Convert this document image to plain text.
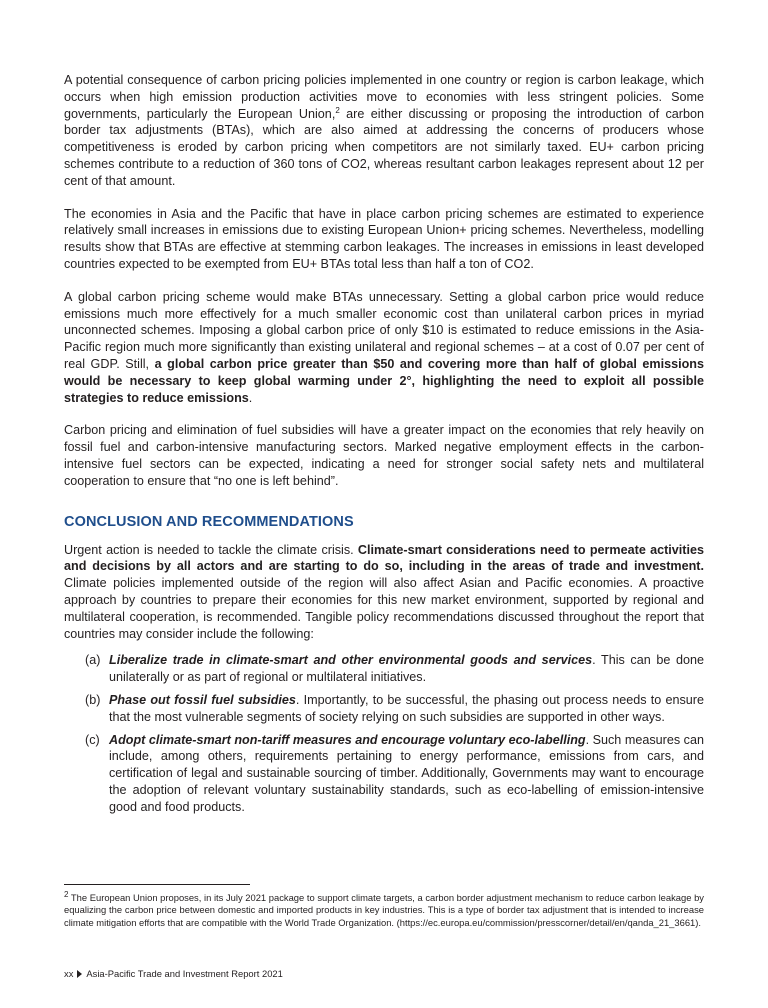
A potential consequence of carbon pricing policies implemented in one country or region is carbon leakage, which occurs when high emission production activities move to economies with less stringent policies. Some governments, particularly the European Union,$^2$ are either discussing or proposing the introduction of carbon border tax adjustments (BTAs), which are also aimed at addressing the concerns of producers whose competitiveness is eroded by carbon pricing when competitors are not similarly taxed. EU+ carbon pricing schemes contribute to a reduction of 360 tons of CO2, whereas resultant carbon leakages represent about 12 per cent of that amount.

The economies in Asia and the Pacific that have in place carbon pricing schemes are estimated to experience relatively small increases in emissions due to existing European Union+ pricing schemes. Nevertheless, modelling results show that BTAs are effective at stemming carbon leakages. The increases in emissions in least developed countries expected to be exempted from EU+ BTAs total less than half a ton of CO2.

A global carbon pricing scheme would make BTAs unnecessary. Setting a global carbon price would reduce emissions much more effectively for a much smaller economic cost than unilateral carbon prices in myriad unconnected schemes. Imposing a global carbon price of only $10 is estimated to reduce emissions in the Asia-Pacific region much more significantly than existing unilateral and regional schemes – at a cost of 0.07 per cent of real GDP. Still, a global carbon price greater than $50 and covering more than half of global emissions would be necessary to keep global warming under 2°, highlighting the need to exploit all possible strategies to reduce emissions.

Carbon pricing and elimination of fuel subsidies will have a greater impact on the economies that rely heavily on fossil fuel and carbon-intensive manufacturing sectors. Marked negative employment effects in the carbon-intensive fuel sectors can be expected, indicating a need for stronger social safety nets and multilateral cooperation to ensure that “no one is left behind”.

CONCLUSION AND RECOMMENDATIONS

Urgent action is needed to tackle the climate crisis. Climate-smart considerations need to permeate activities and decisions by all actors and are starting to do so, including in the areas of trade and investment. Climate policies implemented outside of the region will also affect Asian and Pacific economies. A proactive approach by countries to prepare their economies for this new market environment, supported by regional and multilateral cooperation, is recommended. Tangible policy recommendations discussed throughout the report that countries may consider include the following:

(a) Liberalize trade in climate-smart and other environmental goods and services. This can be done unilaterally or as part of regional or multilateral initiatives.
(b) Phase out fossil fuel subsidies. Importantly, to be successful, the phasing out process needs to ensure that the most vulnerable segments of society relying on such subsidies are supported in other ways.
(c) Adopt climate-smart non-tariff measures and encourage voluntary eco-labelling. Such measures can include, among others, requirements pertaining to energy performance, emissions from cars, and certification of legal and sustainable sourcing of timber. Additionally, Governments may want to encourage the adoption of relevant voluntary sustainability standards, such as eco-labelling of emission-intensive good and food products.
$^2$ The European Union proposes, in its July 2021 package to support climate targets, a carbon border adjustment mechanism to reduce carbon leakage by equalizing the carbon price between domestic and imported products in key industries. This is a type of border tax adjustment that is intended to increase climate mitigation efforts that are compatible with the World Trade Organization. (https://ec.europa.eu/commission/presscorner/detail/en/qanda_21_3661).
xx Asia-Pacific Trade and Investment Report 2021
